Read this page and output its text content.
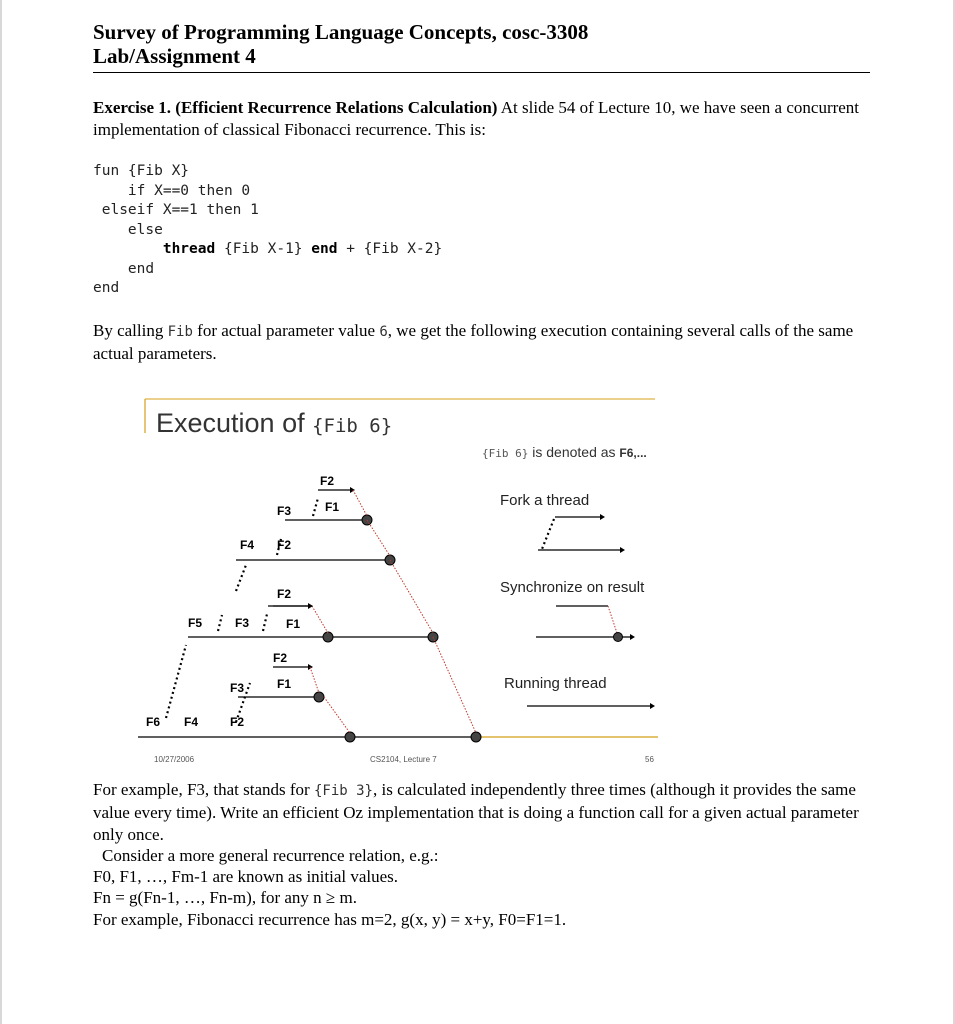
Survey of Programming Language Concepts, cosc-3308
Lab/Assignment 4
Exercise 1. (Efficient Recurrence Relations Calculation) At slide 54 of Lecture 10, we have seen a concurrent implementation of classical Fibonacci recurrence. This is:
fun {Fib X}
if X==0 then 0
elseif X==1 then 1
else
thread {Fib X-1} end + {Fib X-2}
end
end
By calling Fib for actual parameter value 6, we get the following execution containing several calls of the same actual parameters.
Execution of {Fib 6}
{Fib 6} is denoted as F6,...
Fork a thread
Synchronize on result
Running thread
F6 F4	F2
F3
F2
F1
F5	F3
F2
F1
F4 F2
F3
F2
F1
10/27/2006	CS2104, Lecture 7	56
For example, F3, that stands for {Fib 3}, is calculated independently three times (although it provides the same value every time). Write an efficient Oz implementation that is doing a function call for a given actual parameter only once.
Consider a more general recurrence relation, e.g.:
F0, F1, …, Fm-1 are known as initial values.
Fn = g(Fn-1, …, Fn-m), for any n ≥ m.
For example, Fibonacci recurrence has m=2, g(x, y) = x+y, F0=F1=1.
